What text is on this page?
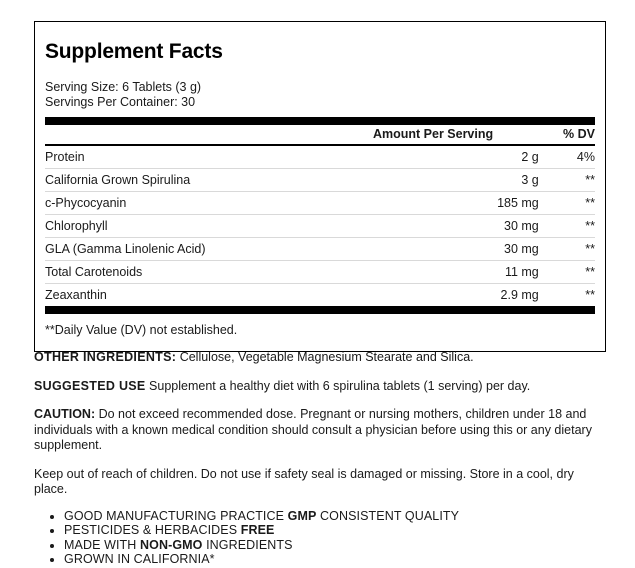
Supplement Facts
Serving Size: 6 Tablets (3 g)
Servings Per Container: 30
	Amount Per Serving	% DV
Protein	2 g	4%
California Grown Spirulina	3 g	**
c-Phycocyanin	185 mg	**
Chlorophyll	30 mg	**
GLA (Gamma Linolenic Acid)	30 mg	**
Total Carotenoids	11 mg	**
Zeaxanthin	2.9 mg	**
**Daily Value (DV) not established.

OTHER INGREDIENTS: Cellulose, Vegetable Magnesium Stearate and Silica.

SUGGESTED USE Supplement a healthy diet with 6 spirulina tablets (1 serving) per day.

CAUTION: Do not exceed recommended dose. Pregnant or nursing mothers, children under 18 and individuals with a known medical condition should consult a physician before using this or any dietary supplement.

Keep out of reach of children. Do not use if safety seal is damaged or missing. Store in a cool, dry place.

• GOOD MANUFACTURING PRACTICE GMP CONSISTENT QUALITY
• PESTICIDES & HERBACIDES FREE
• MADE WITH NON-GMO INGREDIENTS
• GROWN IN CALIFORNIA*
